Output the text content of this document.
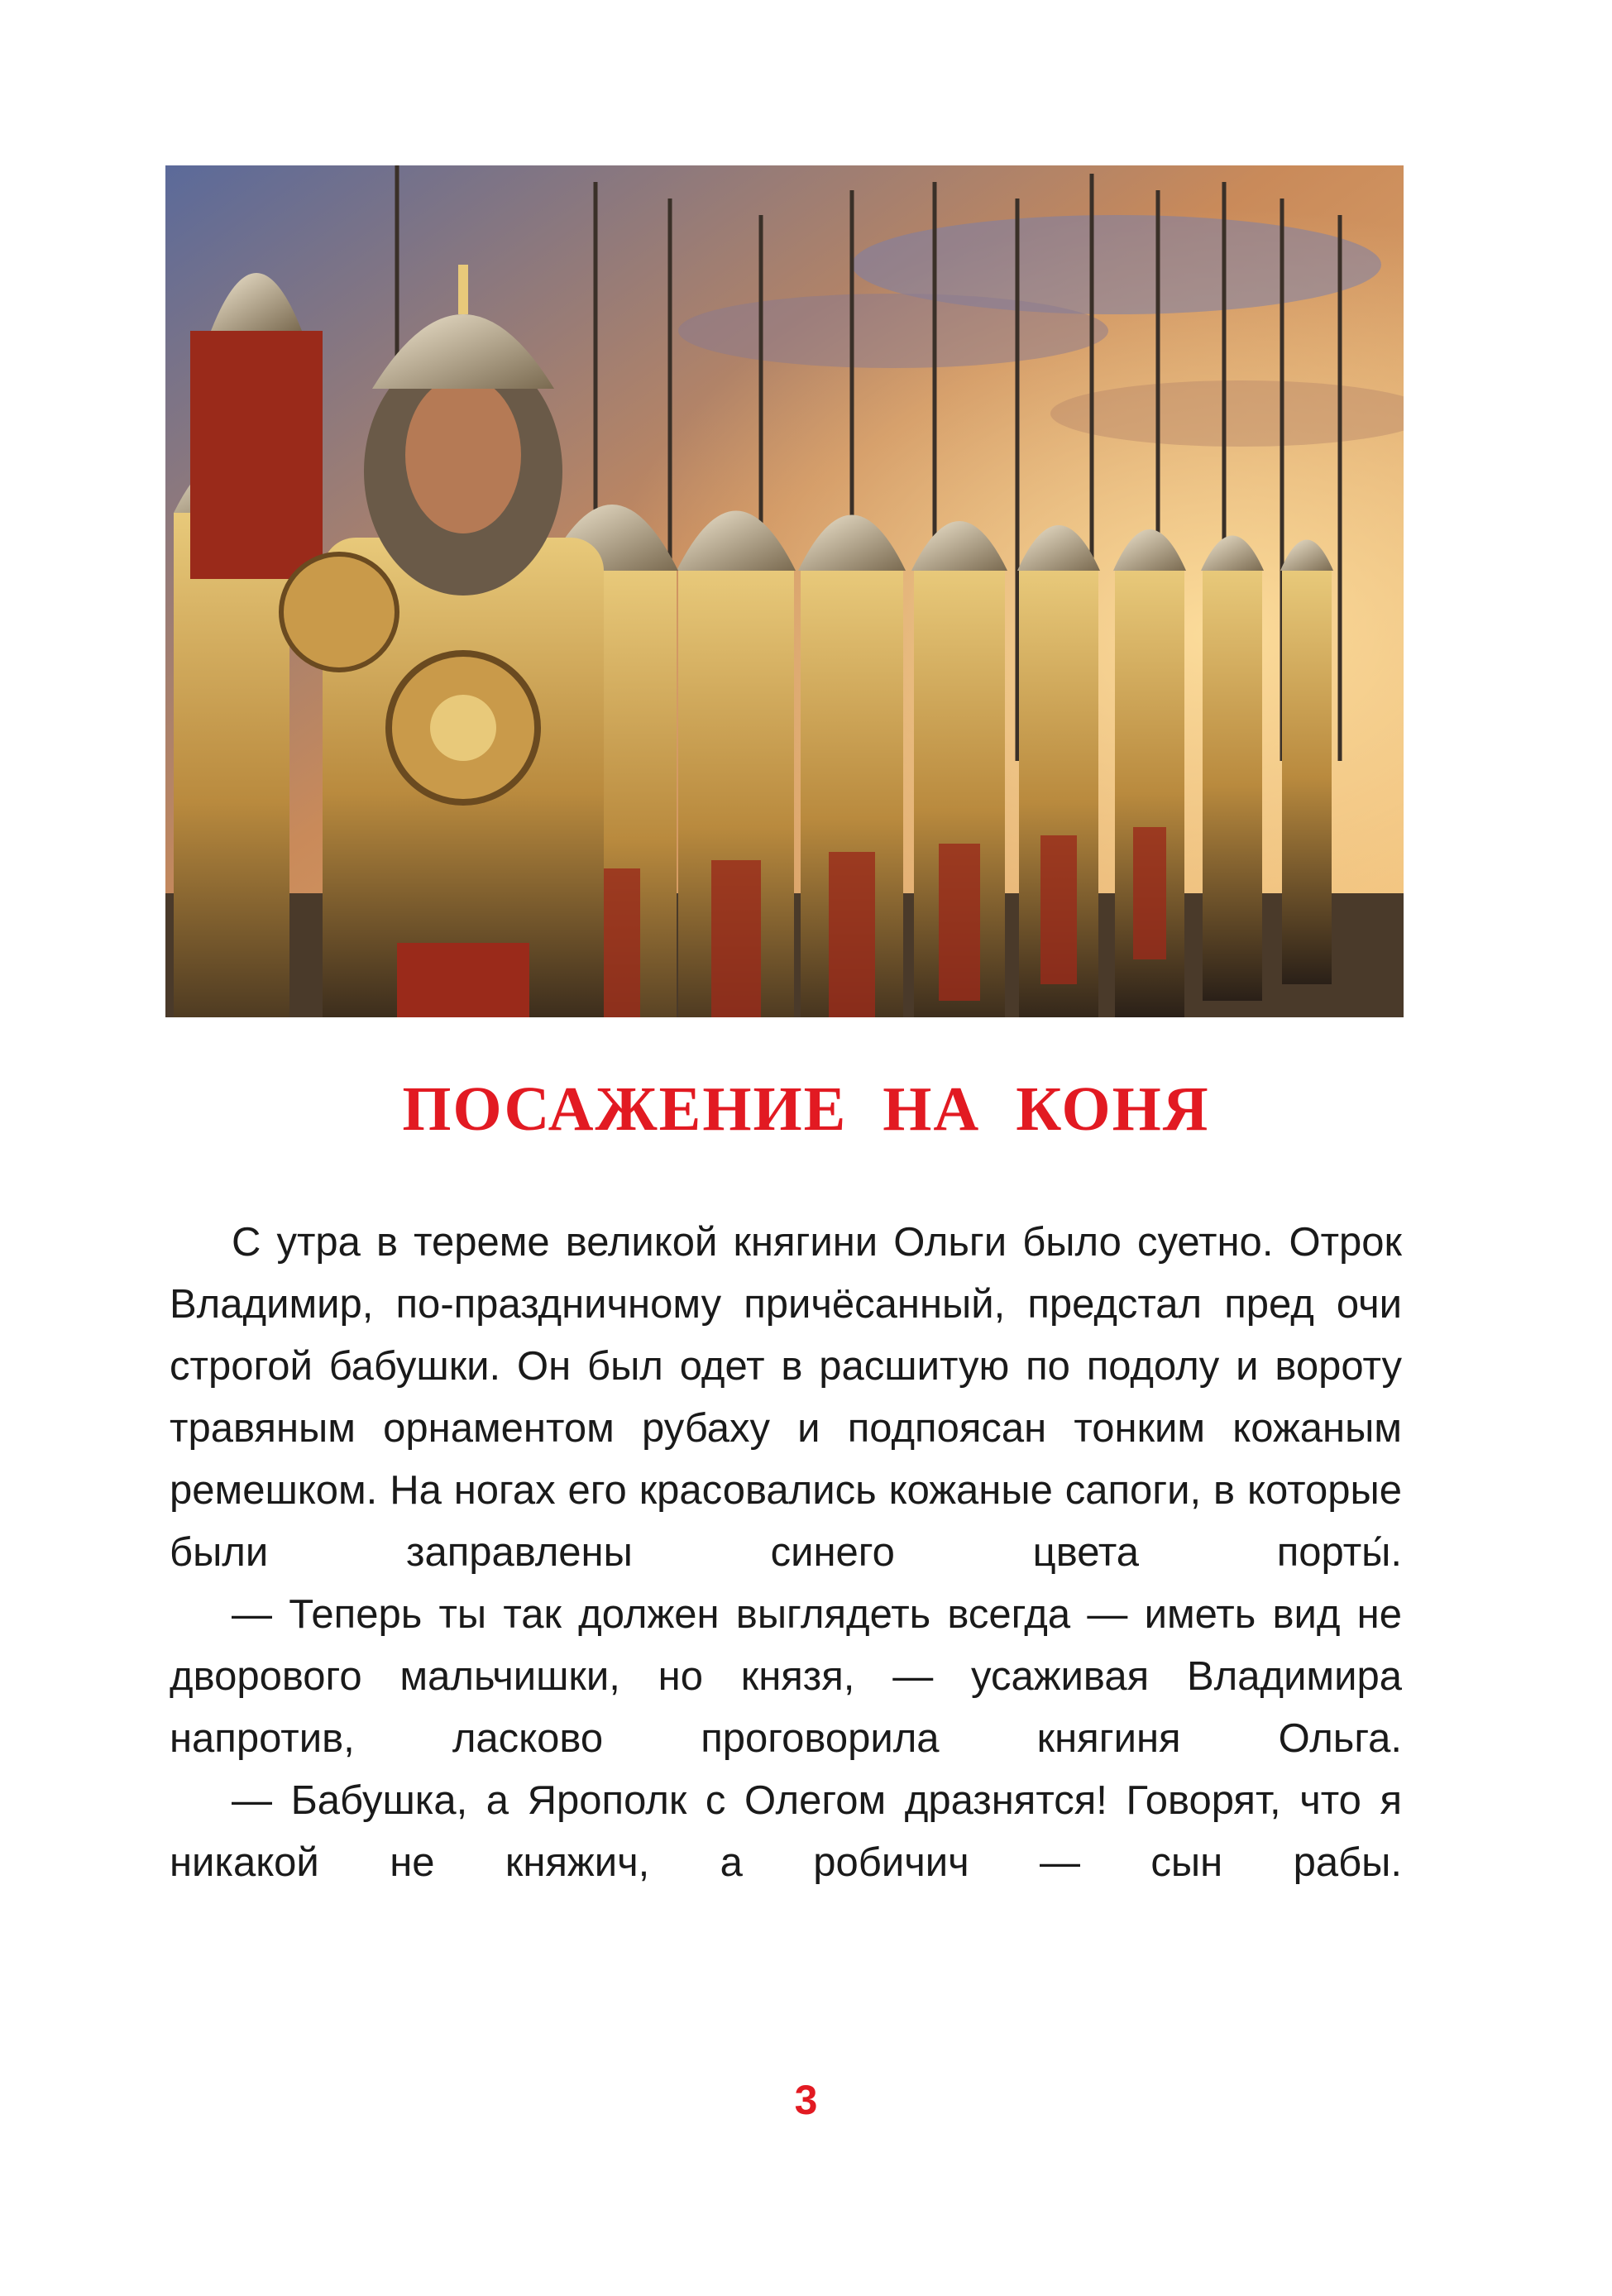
ПОСАЖЕНИЕ НА КОНЯ

С утра в тереме великой княгини Ольги было суетно. Отрок Владимир, по-праздничному причёсанный, предстал пред очи строгой бабушки. Он был одет в расшитую по подолу и вороту травяным орнаментом рубаху и подпоясан тонким кожаным ремешком. На ногах его красовались кожаные сапоги, в которые были заправлены синего цвета порты́.

— Теперь ты так должен выглядеть всегда — иметь вид не дворового мальчишки, но князя, — усаживая Владимира напротив, ласково проговорила княгиня Ольга.

— Бабушка, а Ярополк с Олегом дразнятся! Говорят, что я никакой не княжич, а робичич — сын рабы.

3
